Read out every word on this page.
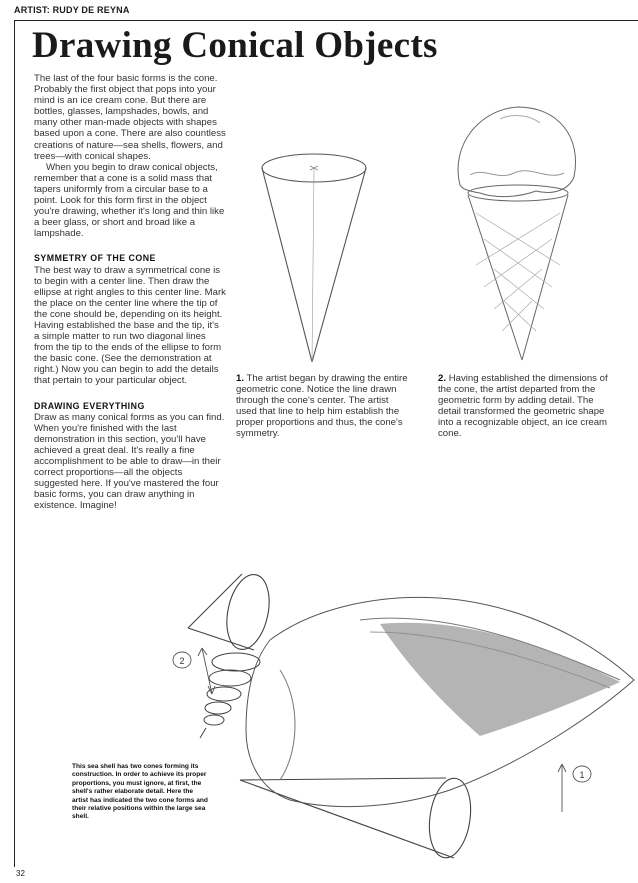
ARTIST: RUDY DE REYNA
Drawing Conical Objects

The last of the four basic forms is the cone. Probably the first object that pops into your mind is an ice cream cone. But there are bottles, glasses, lampshades, bowls, and many other man-made objects with shapes based upon a cone. There are also countless creations of nature—sea shells, flowers, and trees—with conical shapes.

When you begin to draw conical objects, remember that a cone is a solid mass that tapers uniformly from a circular base to a point. Look for this form first in the object you're drawing, whether it's long and thin like a beer glass, or short and broad like a lampshade.

SYMMETRY OF THE CONE

The best way to draw a symmetrical cone is to begin with a center line. Then draw the ellipse at right angles to this center line. Mark the place on the center line where the tip of the cone should be, depending on its height. Having established the base and the tip, it's a simple matter to run two diagonal lines from the tip to the ends of the ellipse to form the basic cone. (See the demonstration at right.) Now you can begin to add the details that pertain to your particular object.

DRAWING EVERYTHING

Draw as many conical forms as you can find. When you're finished with the last demonstration in this section, you'll have achieved a great deal. It's really a fine accomplishment to be able to draw—in their correct proportions—all the objects suggested here. If you've mastered the four basic forms, you can draw anything in existence. Imagine!

1. The artist began by drawing the entire geometric cone. Notice the line drawn through the cone's center. The artist used that line to help him establish the proper proportions and thus, the cone's symmetry.
2. Having established the dimensions of the cone, the artist departed from the geometric form by adding detail. The detail transformed the geometric shape into a recognizable object, an ice cream cone.
2
1
This sea shell has two cones forming its construction. In order to achieve its proper proportions, you must ignore, at first, the shell's rather elaborate detail. Here the artist has indicated the two cone forms and their relative positions within the large sea shell.
32
